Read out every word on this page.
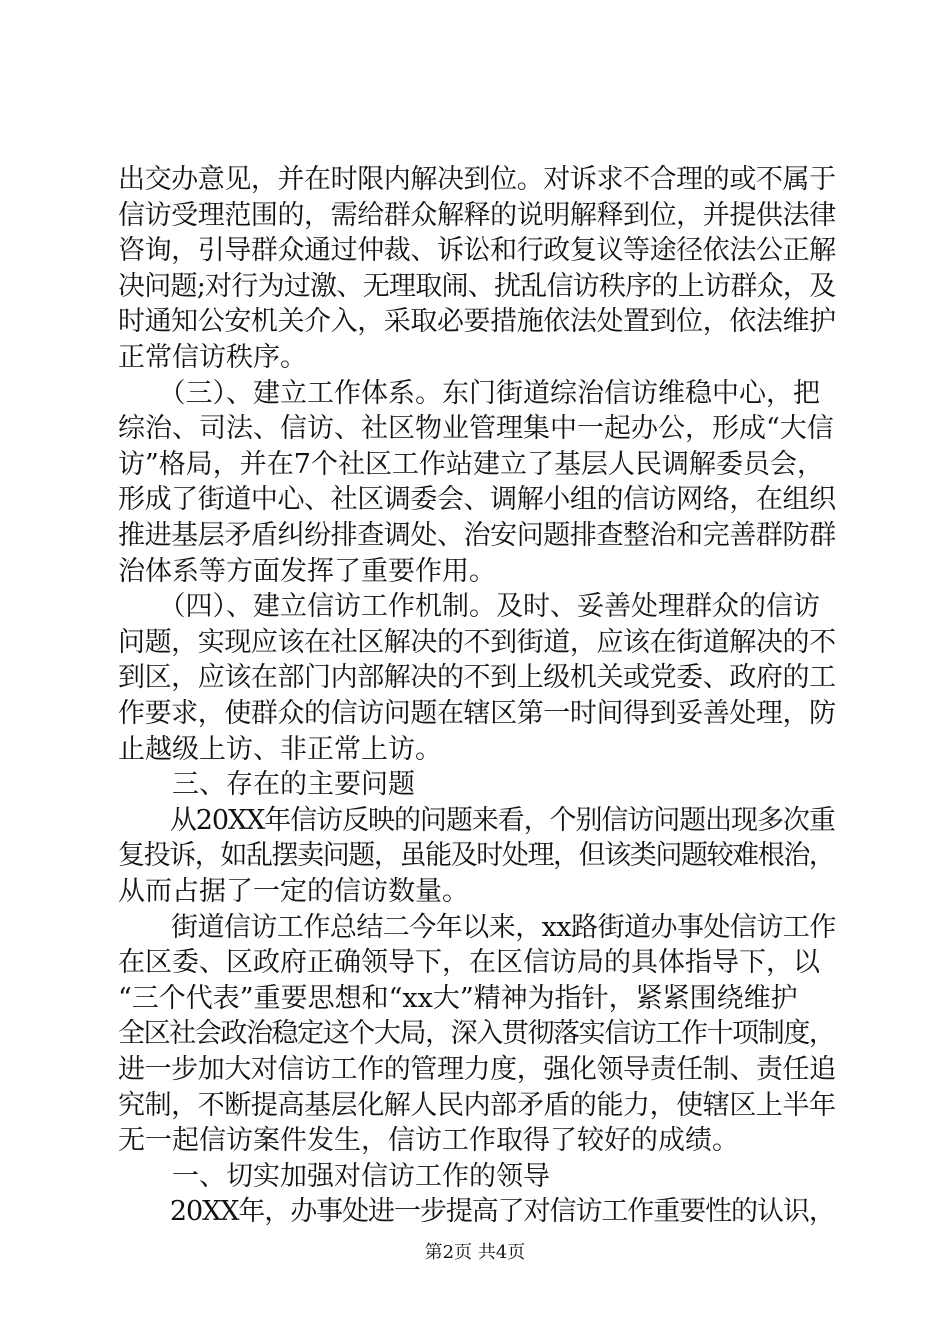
出交办意见，并在时限内解决到位。对诉求不合理的或不属于
信访受理范围的，需给群众解释的说明解释到位，并提供法律
咨询，引导群众通过仲裁、诉讼和行政复议等途径依法公正解
决问题;对行为过激、无理取闹、扰乱信访秩序的上访群众，及
时通知公安机关介入，采取必要措施依法处置到位，依法维护
正常信访秩序。
　　（三）、建立工作体系。东门街道综治信访维稳中心，把
综治、司法、信访、社区物业管理集中一起办公，形成“大信
访”格局，并在7个社区工作站建立了基层人民调解委员会，
形成了街道中心、社区调委会、调解小组的信访网络，在组织
推进基层矛盾纠纷排查调处、治安问题排查整治和完善群防群
治体系等方面发挥了重要作用。
　　（四）、建立信访工作机制。及时、妥善处理群众的信访
问题，实现应该在社区解决的不到街道，应该在街道解决的不
到区，应该在部门内部解决的不到上级机关或党委、政府的工
作要求，使群众的信访问题在辖区第一时间得到妥善处理，防
止越级上访、非正常上访。
　　三、存在的主要问题
　　从20XX年信访反映的问题来看，个别信访问题出现多次重
复投诉，如乱摆卖问题，虽能及时处理，但该类问题较难根治，
从而占据了一定的信访数量。
　　街道信访工作总结二今年以来，xx路街道办事处信访工作
在区委、区政府正确领导下，在区信访局的具体指导下，以
“三个代表”重要思想和“xx大”精神为指针，紧紧围绕维护
全区社会政治稳定这个大局，深入贯彻落实信访工作十项制度，
进一步加大对信访工作的管理力度，强化领导责任制、责任追
究制，不断提高基层化解人民内部矛盾的能力，使辖区上半年
无一起信访案件发生，信访工作取得了较好的成绩。
　　一、切实加强对信访工作的领导
　　20XX年，办事处进一步提高了对信访工作重要性的认识，
第2页 共4页
